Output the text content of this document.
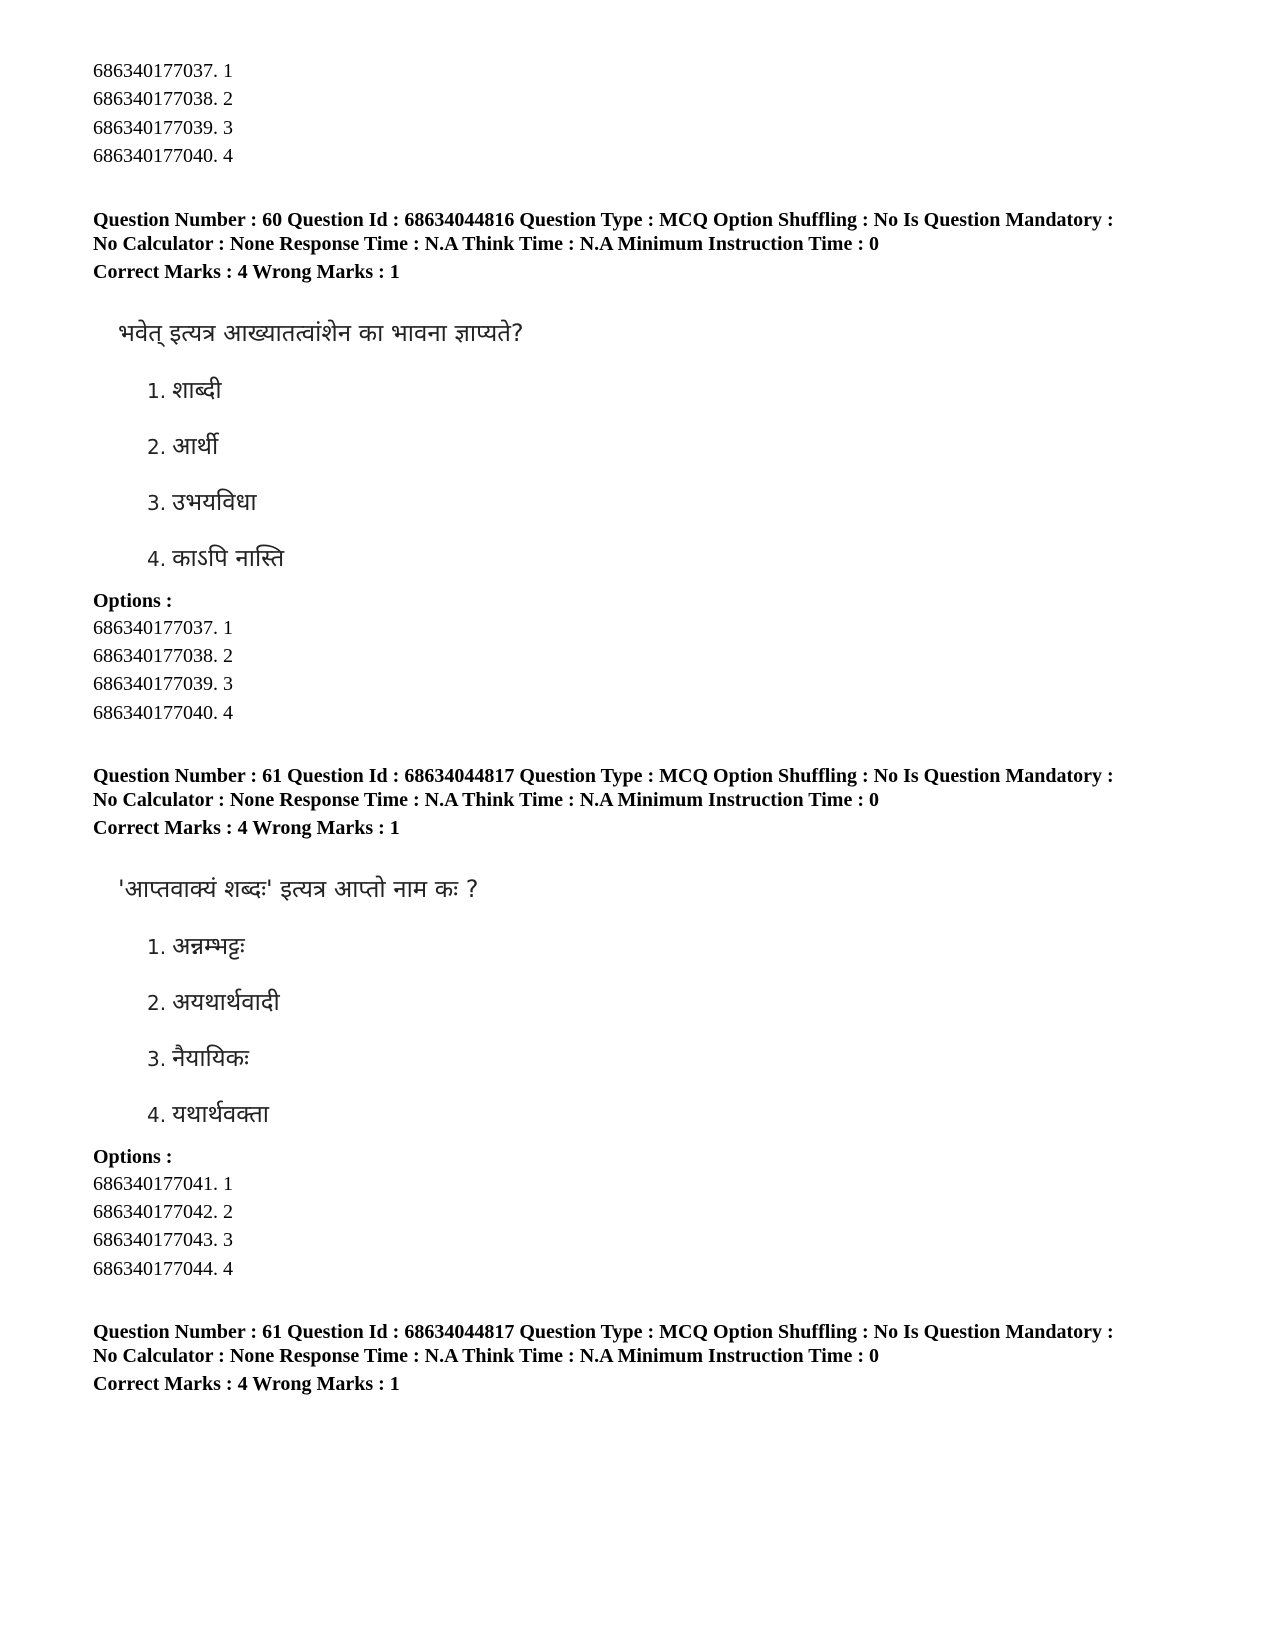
686340177037. 1
686340177038. 2
686340177039. 3
686340177040. 4
Question Number : 60 Question Id : 68634044816 Question Type : MCQ Option Shuffling : No Is Question Mandatory :
No Calculator : None Response Time : N.A Think Time : N.A Minimum Instruction Time : 0
Correct Marks : 4 Wrong Marks : 1
भवेत् इत्यत्र आख्यातत्वांशेन का भावना ज्ञाप्यते?
1. शाब्दी
2. आर्थी
3. उभयविधा
4. काऽपि नास्ति
Options :
686340177037. 1
686340177038. 2
686340177039. 3
686340177040. 4
Question Number : 61 Question Id : 68634044817 Question Type : MCQ Option Shuffling : No Is Question Mandatory :
No Calculator : None Response Time : N.A Think Time : N.A Minimum Instruction Time : 0
Correct Marks : 4 Wrong Marks : 1
'आप्तवाक्यं शब्दः' इत्यत्र आप्तो नाम कः ?
1. अन्नम्भट्टः
2. अयथार्थवादी
3. नैयायिकः
4. यथार्थवक्ता
Options :
686340177041. 1
686340177042. 2
686340177043. 3
686340177044. 4
Question Number : 61 Question Id : 68634044817 Question Type : MCQ Option Shuffling : No Is Question Mandatory :
No Calculator : None Response Time : N.A Think Time : N.A Minimum Instruction Time : 0
Correct Marks : 4 Wrong Marks : 1
